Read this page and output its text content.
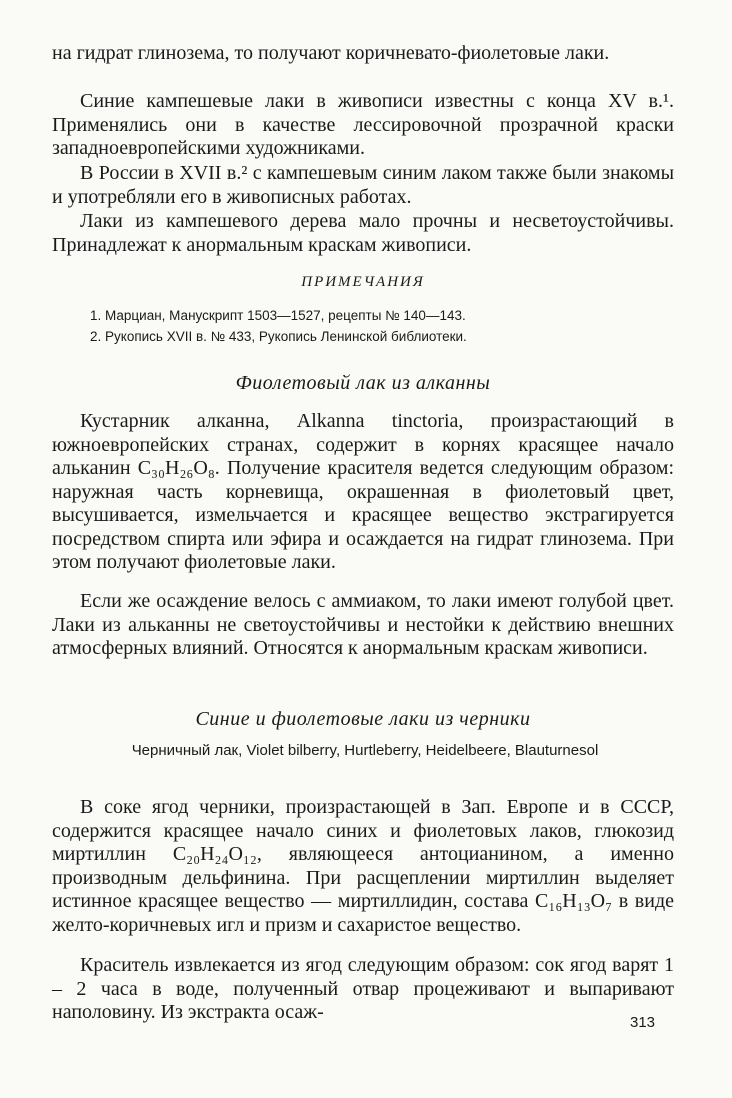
на гидрат глинозема, то получают коричневато-фиолетовые лаки.

Синие кампешевые лаки в живописи известны с конца XV в.¹. Применялись они в качестве лессировочной прозрачной краски западноевропейскими художниками.

В России в XVII в.² с кампешевым синим лаком также были знакомы и употребляли его в живописных работах.

Лаки из кампешевого дерева мало прочны и несветоустойчивы. Принадлежат к анормальным краскам живописи.

ПРИМЕЧАНИЯ

1. Марциан, Манускрипт 1503—1527, рецепты № 140—143.

2. Рукопись XVII в. № 433, Рукопись Ленинской библиотеки.

Фиолетовый лак из алканны

Кустарник алканна, Alkanna tinctoria, произрастающий в южноевропейских странах, содержит в корнях красящее начало альканин C₃₀H₂₆O₈. Получение красителя ведется следующим образом: наружная часть корневища, окрашенная в фиолетовый цвет, высушивается, измельчается и красящее вещество экстрагируется посредством спирта или эфира и осаждается на гидрат глинозема. При этом получают фиолетовые лаки.

Если же осаждение велось с аммиаком, то лаки имеют голубой цвет. Лаки из альканны не светоустойчивы и нестойки к действию внешних атмосферных влияний. Относятся к анормальным краскам живописи.

Синие и фиолетовые лаки из черники

Черничный лак, Violet bilberry, Hurtleberry, Heidelbeere, Blauturnesol

В соке ягод черники, произрастающей в Зап. Европе и в СССР, содержится красящее начало синих и фиолетовых лаков, глюкозид миртиллин C₂₀H₂₄O₁₂, являющееся антоцианином, а именно производным дельфинина. При расщеплении миртиллин выделяет истинное красящее вещество — миртиллидин, состава C₁₆H₁₃O₇ в виде желто-коричневых игл и призм и сахаристое вещество.

Краситель извлекается из ягод следующим образом: сок ягод варят 1 – 2 часа в воде, полученный отвар процеживают и выпаривают наполовину. Из экстракта осаж-	313
